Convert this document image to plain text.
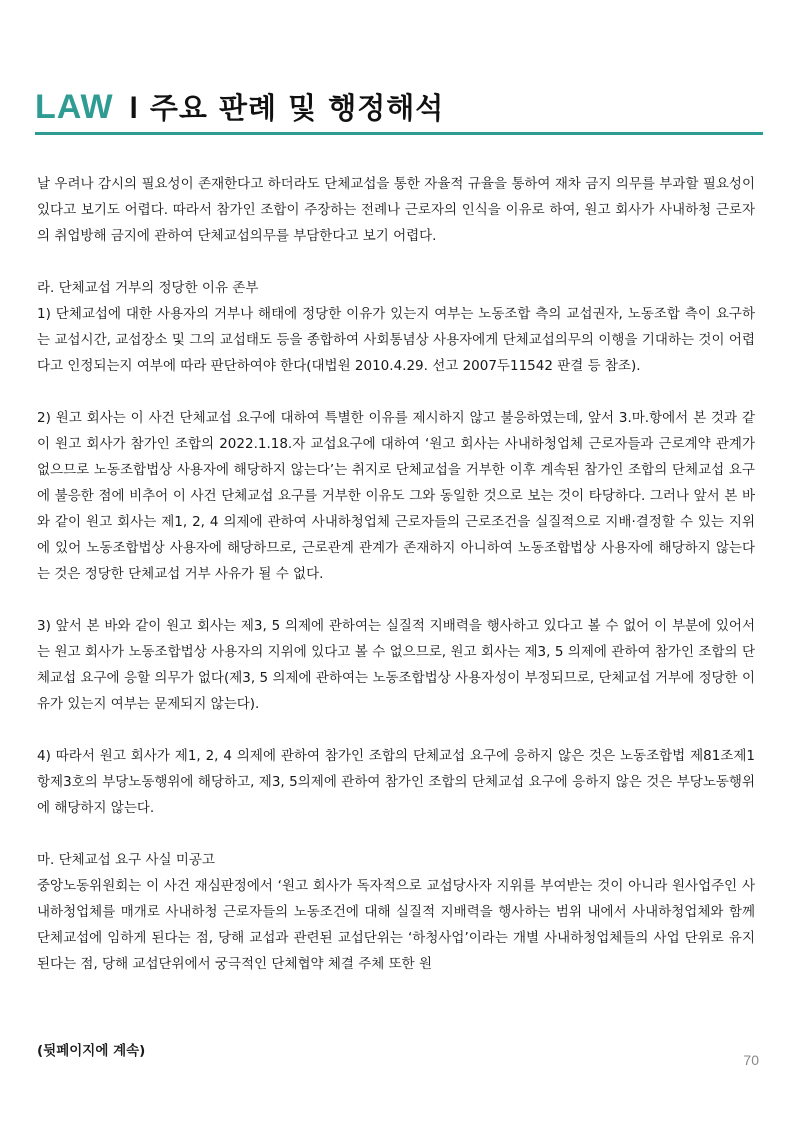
LAW l 주요 판례 및 행정해석

날 우려나 감시의 필요성이 존재한다고 하더라도 단체교섭을 통한 자율적 규율을 통하여 재차 금지 의무를 부과할 필요성이 있다고 보기도 어렵다. 따라서 참가인 조합이 주장하는 전례나 근로자의 인식을 이유로 하여, 원고 회사가 사내하청 근로자의 취업방해 금지에 관하여 단체교섭의무를 부담한다고 보기 어렵다.

라. 단체교섭 거부의 정당한 이유 존부

1) 단체교섭에 대한 사용자의 거부나 해태에 정당한 이유가 있는지 여부는 노동조합 측의 교섭권자, 노동조합 측이 요구하는 교섭시간, 교섭장소 및 그의 교섭태도 등을 종합하여 사회통념상 사용자에게 단체교섭의무의 이행을 기대하는 것이 어렵다고 인정되는지 여부에 따라 판단하여야 한다(대법원 2010.4.29. 선고 2007두11542 판결 등 참조).

2) 원고 회사는 이 사건 단체교섭 요구에 대하여 특별한 이유를 제시하지 않고 불응하였는데, 앞서 3.마.항에서 본 것과 같이 원고 회사가 참가인 조합의 2022.1.18.자 교섭요구에 대하여 ‘원고 회사는 사내하청업체 근로자들과 근로계약 관계가 없으므로 노동조합법상 사용자에 해당하지 않는다’는 취지로 단체교섭을 거부한 이후 계속된 참가인 조합의 단체교섭 요구에 불응한 점에 비추어 이 사건 단체교섭 요구를 거부한 이유도 그와 동일한 것으로 보는 것이 타당하다. 그러나 앞서 본 바와 같이 원고 회사는 제1, 2, 4 의제에 관하여 사내하청업체 근로자들의 근로조건을 실질적으로 지배·결정할 수 있는 지위에 있어 노동조합법상 사용자에 해당하므로, 근로관계 관계가 존재하지 아니하여 노동조합법상 사용자에 해당하지 않는다는 것은 정당한 단체교섭 거부 사유가 될 수 없다.

3) 앞서 본 바와 같이 원고 회사는 제3, 5 의제에 관하여는 실질적 지배력을 행사하고 있다고 볼 수 없어 이 부분에 있어서는 원고 회사가 노동조합법상 사용자의 지위에 있다고 볼 수 없으므로, 원고 회사는 제3, 5 의제에 관하여 참가인 조합의 단체교섭 요구에 응할 의무가 없다(제3, 5 의제에 관하여는 노동조합법상 사용자성이 부정되므로, 단체교섭 거부에 정당한 이유가 있는지 여부는 문제되지 않는다).

4) 따라서 원고 회사가 제1, 2, 4 의제에 관하여 참가인 조합의 단체교섭 요구에 응하지 않은 것은 노동조합법 제81조제1항제3호의 부당노동행위에 해당하고, 제3, 5의제에 관하여 참가인 조합의 단체교섭 요구에 응하지 않은 것은 부당노동행위에 해당하지 않는다.

마. 단체교섭 요구 사실 미공고

중앙노동위원회는 이 사건 재심판정에서 ‘원고 회사가 독자적으로 교섭당사자 지위를 부여받는 것이 아니라 원사업주인 사내하청업체를 매개로 사내하청 근로자들의 노동조건에 대해 실질적 지배력을 행사하는 범위 내에서 사내하청업체와 함께 단체교섭에 임하게 된다는 점, 당해 교섭과 관련된 교섭단위는 ‘하청사업’이라는 개별 사내하청업체들의 사업 단위로 유지된다는 점, 당해 교섭단위에서 궁극적인 단체협약 체결 주체 또한 원

(뒷페이지에 계속)
70
